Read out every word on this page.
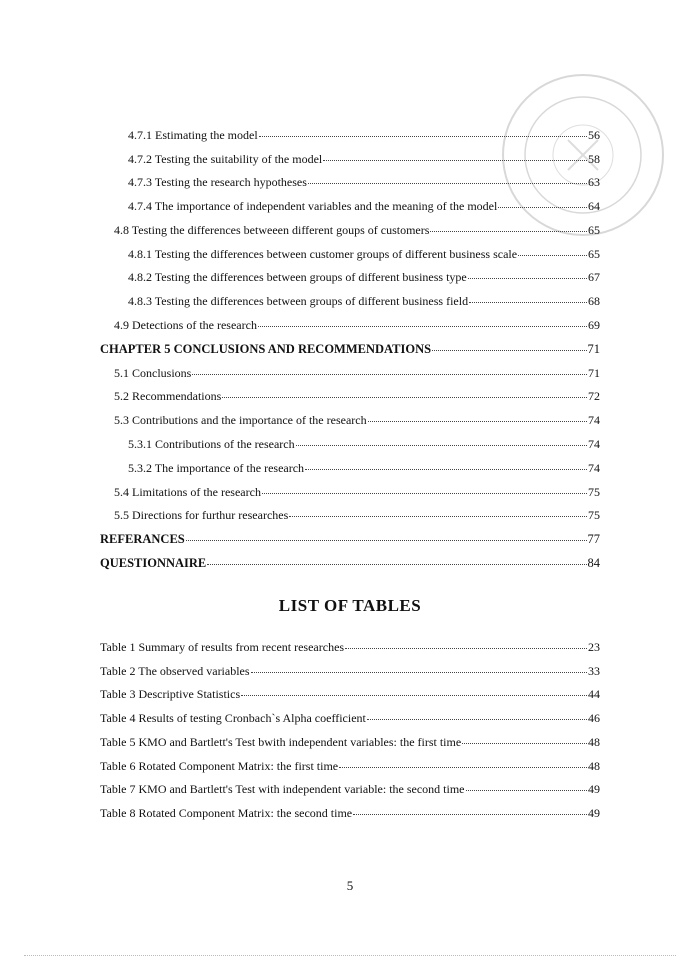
4.7.1 Estimating the model	56
4.7.2 Testing the suitability of the model	58
4.7.3 Testing the research hypotheses	63
4.7.4 The importance of independent variables and the meaning of the model	64
4.8 Testing the differences betweeen different goups of customers	65
4.8.1 Testing the differences between customer groups of different business scale	65
4.8.2 Testing the differences between groups of different business type	67
4.8.3 Testing the differences between groups of different business field	68
4.9 Detections of the research	69
CHAPTER 5 CONCLUSIONS AND RECOMMENDATIONS	71
5.1 Conclusions	71
5.2 Recommendations	72
5.3 Contributions and the importance of the research	74
5.3.1 Contributions of the research	74
5.3.2 The importance of the research	74
5.4 Limitations of the research	75
5.5 Directions for furthur researches	75
REFERANCES	77
QUESTIONNAIRE	84
LIST OF TABLES
Table 1 Summary of results from recent researches	23
Table 2 The observed variables	33
Table 3 Descriptive Statistics	44
Table 4 Results of testing Cronbach`s Alpha coefficient	46
Table 5 KMO and Bartlett's Test bwith independent variables: the first time	48
Table 6 Rotated Component Matrix: the first time	48
Table 7 KMO and Bartlett's Test with independent variable: the second time	49
Table 8 Rotated Component Matrix: the second time	49
5
